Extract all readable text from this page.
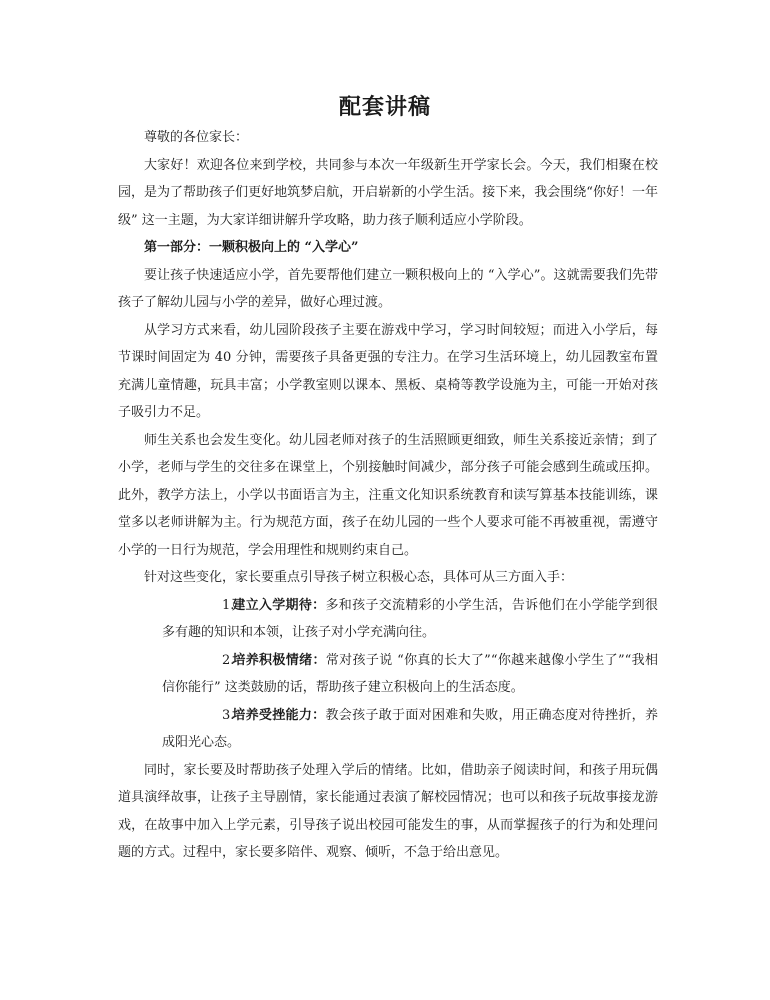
配套讲稿

尊敬的各位家长：

大家好！欢迎各位来到学校，共同参与本次一年级新生开学家长会。今天，我们相聚在校园，是为了帮助孩子们更好地筑梦启航，开启崭新的小学生活。接下来，我会围绕“你好！一年级” 这一主题，为大家详细讲解升学攻略，助力孩子顺利适应小学阶段。

第一部分：一颗积极向上的 “入学心”

要让孩子快速适应小学，首先要帮他们建立一颗积极向上的 “入学心”。这就需要我们先带孩子了解幼儿园与小学的差异，做好心理过渡。

从学习方式来看，幼儿园阶段孩子主要在游戏中学习，学习时间较短；而进入小学后，每节课时间固定为 40 分钟，需要孩子具备更强的专注力。在学习生活环境上，幼儿园教室布置充满儿童情趣，玩具丰富；小学教室则以课本、黑板、桌椅等教学设施为主，可能一开始对孩子吸引力不足。

师生关系也会发生变化。幼儿园老师对孩子的生活照顾更细致，师生关系接近亲情；到了小学，老师与学生的交往多在课堂上，个别接触时间减少，部分孩子可能会感到生疏或压抑。此外，教学方法上，小学以书面语言为主，注重文化知识系统教育和读写算基本技能训练，课堂多以老师讲解为主。行为规范方面，孩子在幼儿园的一些个人要求可能不再被重视，需遵守小学的一日行为规范，学会用理性和规则约束自己。

针对这些变化，家长要重点引导孩子树立积极心态，具体可从三方面入手：

1.建立入学期待：多和孩子交流精彩的小学生活，告诉他们在小学能学到很多有趣的知识和本领，让孩子对小学充满向往。

2.培养积极情绪：常对孩子说 “你真的长大了”“你越来越像小学生了”“我相信你能行” 这类鼓励的话，帮助孩子建立积极向上的生活态度。

3.培养受挫能力：教会孩子敢于面对困难和失败，用正确态度对待挫折，养成阳光心态。

同时，家长要及时帮助孩子处理入学后的情绪。比如，借助亲子阅读时间，和孩子用玩偶道具演绎故事，让孩子主导剧情，家长能通过表演了解校园情况；也可以和孩子玩故事接龙游戏，在故事中加入上学元素，引导孩子说出校园可能发生的事，从而掌握孩子的行为和处理问题的方式。过程中，家长要多陪伴、观察、倾听，不急于给出意见。
